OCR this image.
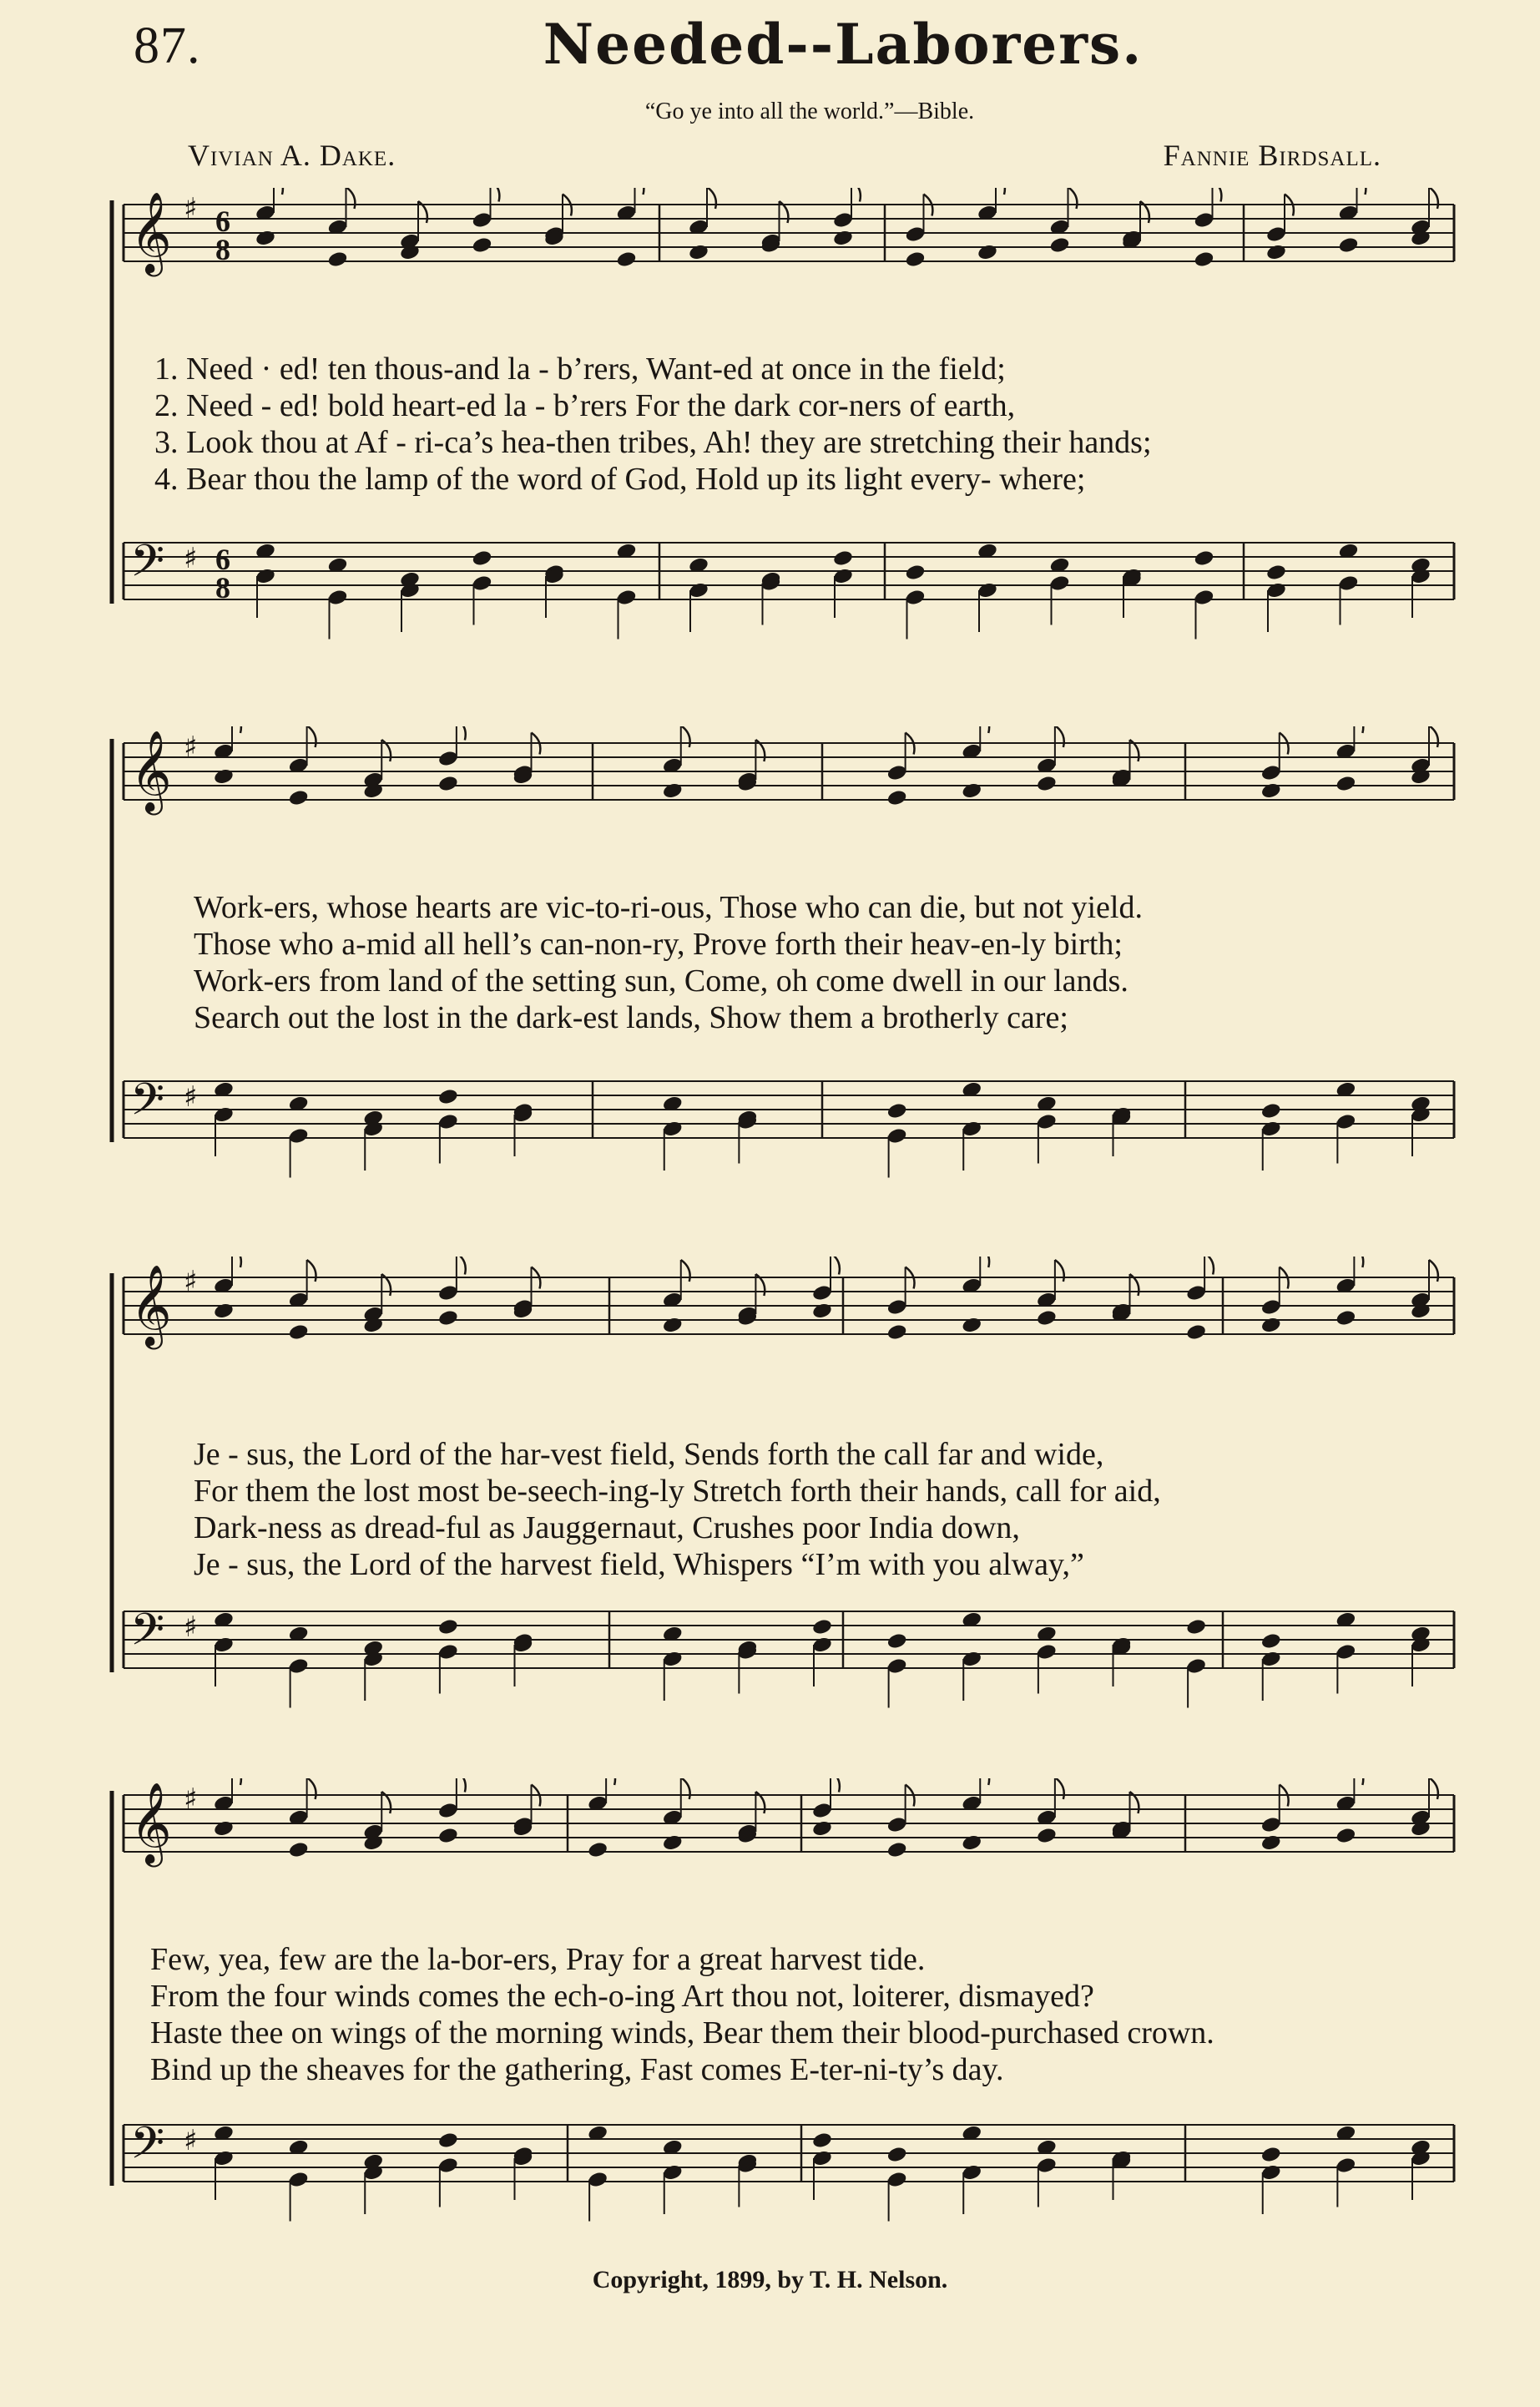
87.	Needed--Laborers.
“Go ye into all the world.”—Bible.
Vivian A. Dake.	Fannie Birdsall.
𝄞 ♯ 6
8
𝄢 ♯ 6
8
1. Need · ed! ten thous-and la - b’rers, Want-ed at once in the field;
2. Need - ed! bold heart-ed la - b’rers For the dark cor-ners of earth,
3. Look thou at Af - ri-ca’s hea-then tribes, Ah! they are stretching their hands;
4. Bear thou the lamp of the word of God, Hold up its light every- where;
𝄞 ♯
𝄢 ♯
Work-ers, whose hearts are vic-to-ri-ous, Those who can die, but not yield.
Those who a-mid all hell’s can-non-ry, Prove forth their heav-en-ly birth;
Work-ers from land of the setting sun, Come, oh come dwell in our lands.
Search out the lost in the dark-est lands, Show them a brotherly care;
𝄞 ♯
𝄢 ♯
Je - sus, the Lord of the har-vest field, Sends forth the call far and wide,
For them the lost most be-seech-ing-ly Stretch forth their hands, call for aid,
Dark-ness as dread-ful as Jauggernaut, Crushes poor India down,
Je - sus, the Lord of the harvest field, Whispers “I’m with you alway,”
𝄞 ♯
𝄢 ♯
Few, yea, few are the la-bor-ers, Pray for a great harvest tide.
From the four winds comes the ech-o-ing Art thou not, loiterer, dismayed?
Haste thee on wings of the morning winds, Bear them their blood-purchased crown.
Bind up the sheaves for the gathering, Fast comes E-ter-ni-ty’s day.
Copyright, 1899, by T. H. Nelson.
